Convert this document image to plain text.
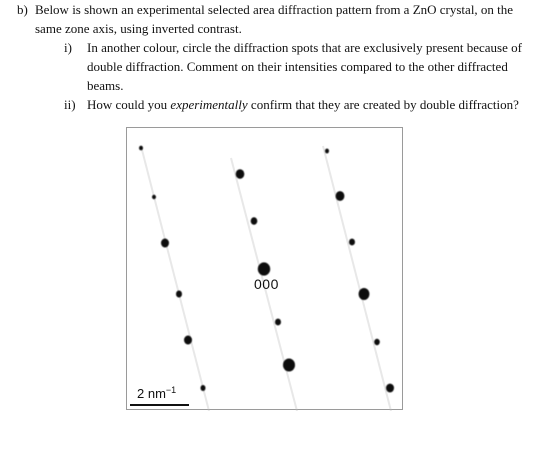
b) Below is shown an experimental selected area diffraction pattern from a ZnO crystal, on the same zone axis, using inverted contrast.
i) In another colour, circle the diffraction spots that are exclusively present because of double diffraction. Comment on their intensities compared to the other diffracted beams.
ii) How could you experimentally confirm that they are created by double diffraction?
000
2 $nm^{-1}$
